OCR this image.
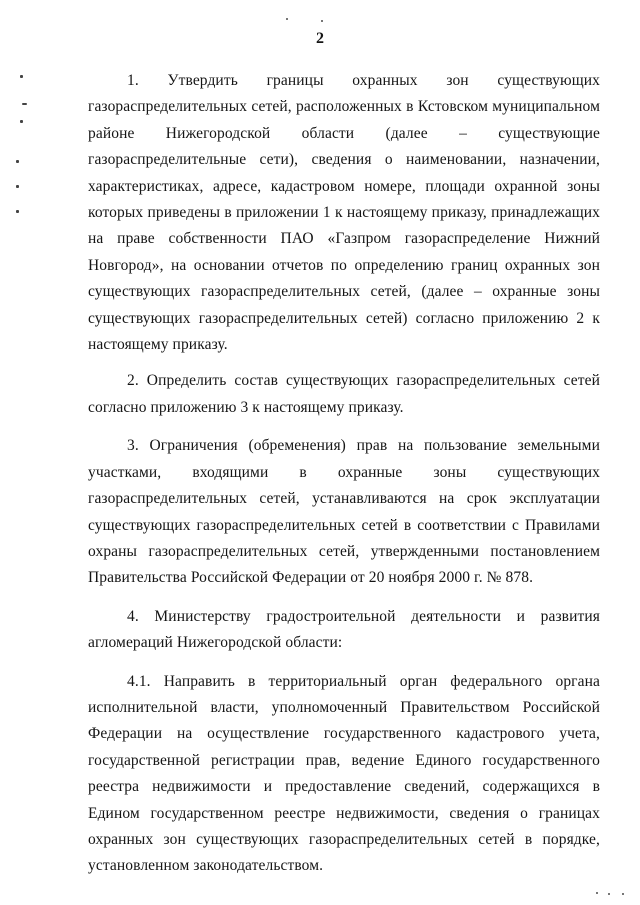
2

1. Утвердить границы охранных зон существующих газораспределительных сетей, расположенных в Кстовском муниципальном районе Нижегородской области (далее – существующие газораспределительные сети), сведения о наименовании, назначении, характеристиках, адресе, кадастровом номере, площади охранной зоны которых приведены в приложении 1 к настоящему приказу, принадлежащих на праве собственности ПАО «Газпром газораспределение Нижний Новгород», на основании отчетов по определению границ охранных зон существующих газораспределительных сетей, (далее – охранные зоны существующих газораспределительных сетей) согласно приложению 2 к настоящему приказу.

2. Определить состав существующих газораспределительных сетей согласно приложению 3 к настоящему приказу.

3. Ограничения (обременения) прав на пользование земельными участками, входящими в охранные зоны существующих газораспределительных сетей, устанавливаются на срок эксплуатации существующих газораспределительных сетей в соответствии с Правилами охраны газораспределительных сетей, утвержденными постановлением Правительства Российской Федерации от 20 ноября 2000 г. № 878.

4. Министерству градостроительной деятельности и развития агломераций Нижегородской области:

4.1. Направить в территориальный орган федерального органа исполнительной власти, уполномоченный Правительством Российской Федерации на осуществление государственного кадастрового учета, государственной регистрации прав, ведение Единого государственного реестра недвижимости и предоставление сведений, содержащихся в Едином государственном реестре недвижимости, сведения о границах охранных зон существующих газораспределительных сетей в порядке, установленном законодательством.
